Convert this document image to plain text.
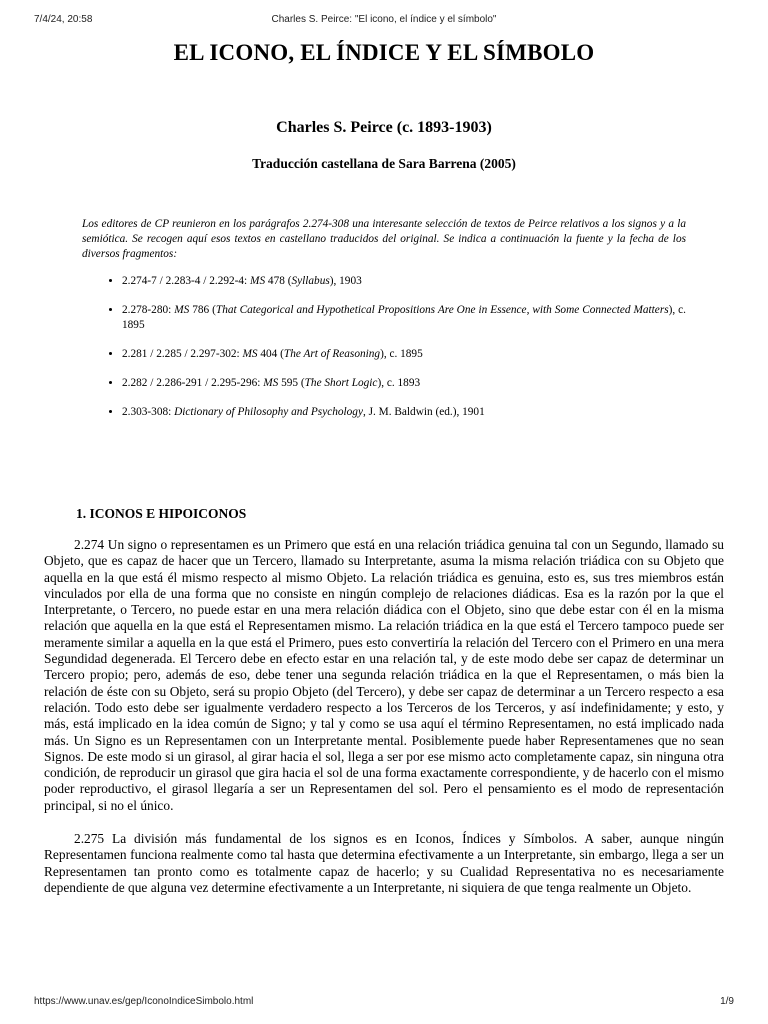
7/4/24, 20:58	Charles S. Peirce: "El icono, el índice y el símbolo"
EL ICONO, EL ÍNDICE Y EL SÍMBOLO
Charles S. Peirce (c. 1893-1903)
Traducción castellana de Sara Barrena (2005)

Los editores de CP reunieron en los parágrafos 2.274-308 una interesante selección de textos de Peirce relativos a los signos y a la semiótica. Se recogen aquí esos textos en castellano traducidos del original. Se indica a continuación la fuente y la fecha de los diversos fragmentos:

• 2.274-7 / 2.283-4 / 2.292-4: MS 478 (Syllabus), 1903
• 2.278-280: MS 786 (That Categorical and Hypothetical Propositions Are One in Essence, with Some Connected Matters), c. 1895
• 2.281 / 2.285 / 2.297-302: MS 404 (The Art of Reasoning), c. 1895
• 2.282 / 2.286-291 / 2.295-296: MS 595 (The Short Logic), c. 1893
• 2.303-308: Dictionary of Philosophy and Psychology, J. M. Baldwin (ed.), 1901
1. ICONOS E HIPOICONOS

2.274 Un signo o representamen es un Primero que está en una relación triádica genuina tal con un Segundo, llamado su Objeto, que es capaz de hacer que un Tercero, llamado su Interpretante, asuma la misma relación triádica con su Objeto que aquella en la que está él mismo respecto al mismo Objeto. La relación triádica es genuina, esto es, sus tres miembros están vinculados por ella de una forma que no consiste en ningún complejo de relaciones diádicas. Esa es la razón por la que el Interpretante, o Tercero, no puede estar en una mera relación diádica con el Objeto, sino que debe estar con él en la misma relación que aquella en la que está el Representamen mismo. La relación triádica en la que está el Tercero tampoco puede ser meramente similar a aquella en la que está el Primero, pues esto convertiría la relación del Tercero con el Primero en una mera Segundidad degenerada. El Tercero debe en efecto estar en una relación tal, y de este modo debe ser capaz de determinar un Tercero propio; pero, además de eso, debe tener una segunda relación triádica en la que el Representamen, o más bien la relación de éste con su Objeto, será su propio Objeto (del Tercero), y debe ser capaz de determinar a un Tercero respecto a esa relación. Todo esto debe ser igualmente verdadero respecto a los Terceros de los Terceros, y así indefinidamente; y esto, y más, está implicado en la idea común de Signo; y tal y como se usa aquí el término Representamen, no está implicado nada más. Un Signo es un Representamen con un Interpretante mental. Posiblemente puede haber Representamenes que no sean Signos. De este modo si un girasol, al girar hacia el sol, llega a ser por ese mismo acto completamente capaz, sin ninguna otra condición, de reproducir un girasol que gira hacia el sol de una forma exactamente correspondiente, y de hacerlo con el mismo poder reproductivo, el girasol llegaría a ser un Representamen del sol. Pero el pensamiento es el modo de representación principal, si no el único.

2.275 La división más fundamental de los signos es en Iconos, Índices y Símbolos. A saber, aunque ningún Representamen funciona realmente como tal hasta que determina efectivamente a un Interpretante, sin embargo, llega a ser un Representamen tan pronto como es totalmente capaz de hacerlo; y su Cualidad Representativa no es necesariamente dependiente de que alguna vez determine efectivamente a un Interpretante, ni siquiera de que tenga realmente un Objeto.

https://www.unav.es/gep/IconoIndiceSimbolo.html	1/9
